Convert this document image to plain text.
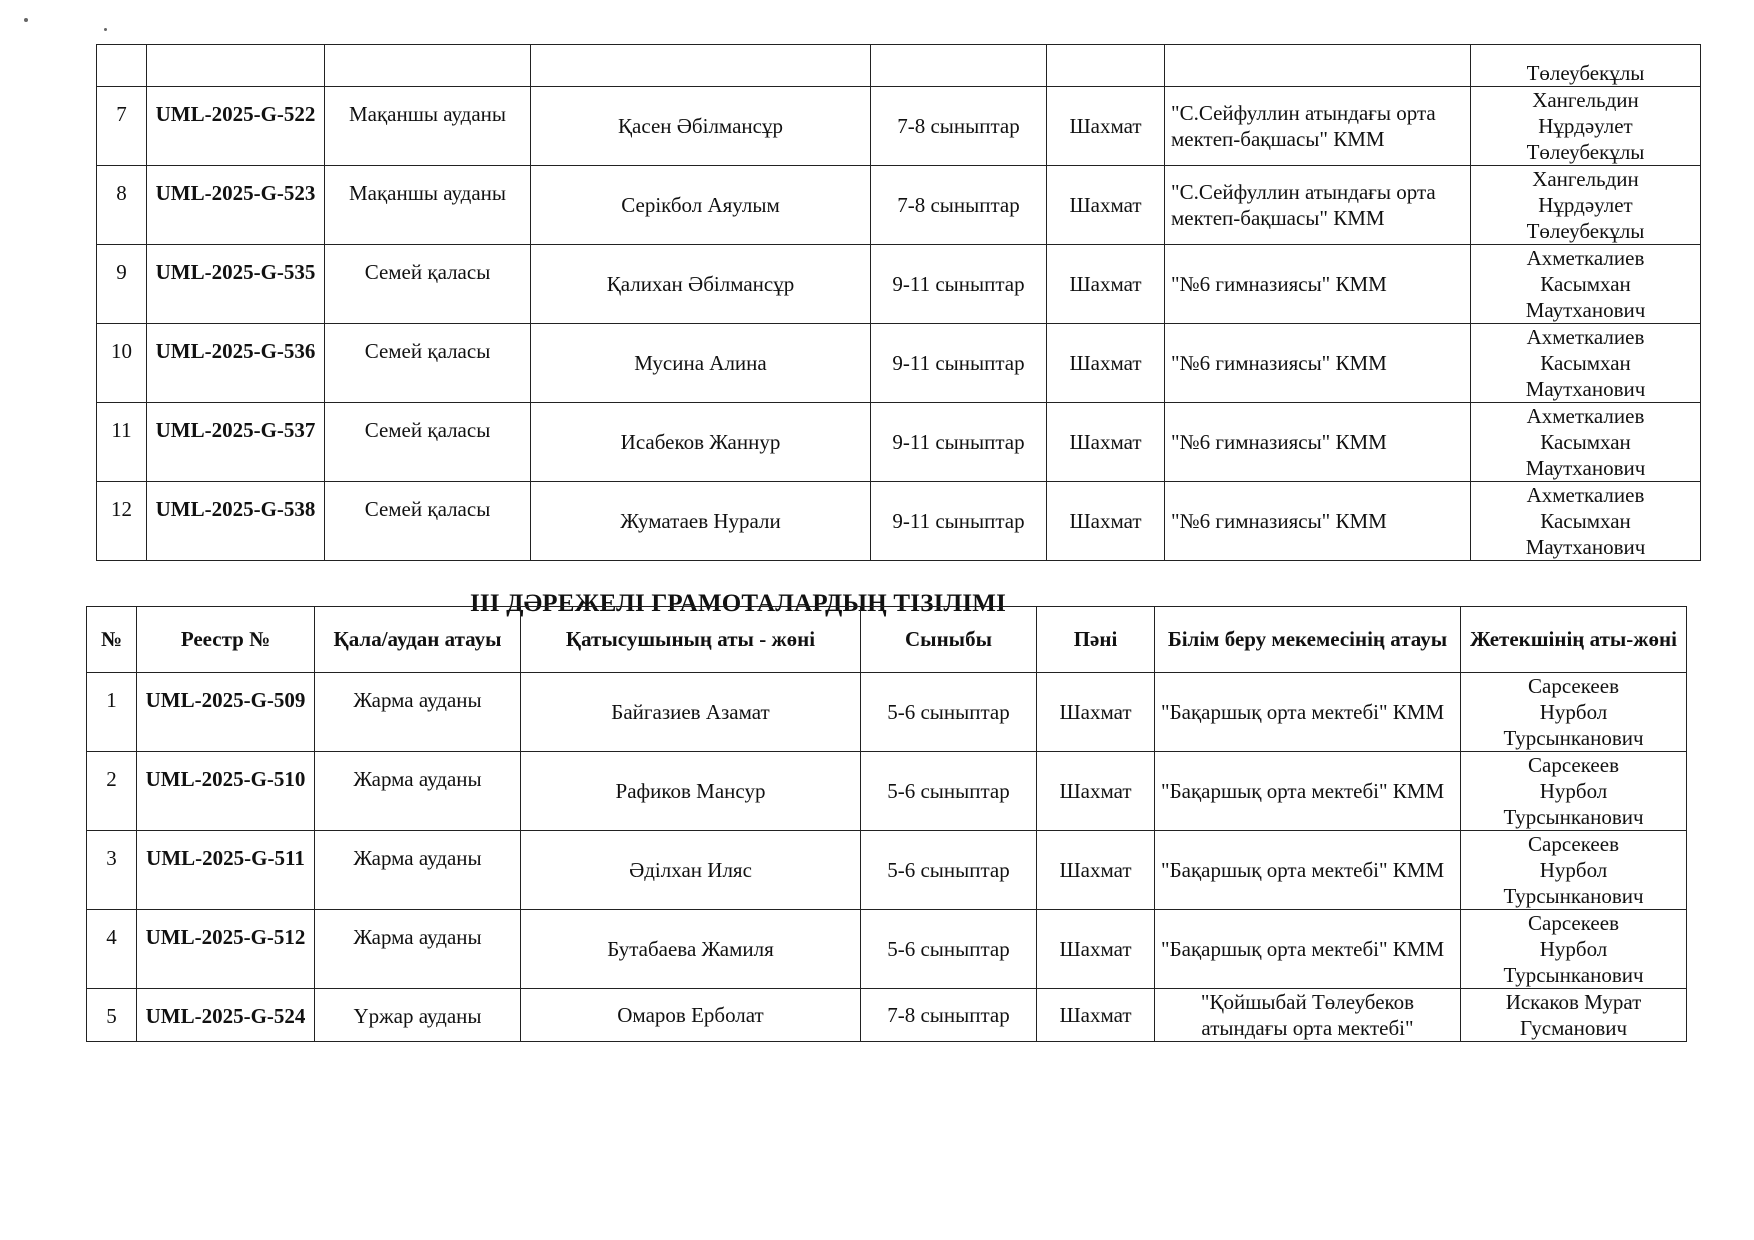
							Төлеубекұлы
7	UML-2025-G-522	Мақаншы ауданы	Қасен Әбілмансұр	7-8 сыныптар	Шахмат	"С.Сейфуллин атындағы орта мектеп-бақшасы" КММ	Хангельдин
Нұрдәулет
Төлеубекұлы

8	UML-2025-G-523	Мақаншы ауданы	Серікбол Аяулым	7-8 сыныптар	Шахмат	"С.Сейфуллин атындағы орта мектеп-бақшасы" КММ	Хангельдин
Нұрдәулет
Төлеубекұлы

9	UML-2025-G-535	Семей қаласы	Қалихан Әбілмансұр	9-11 сыныптар	Шахмат	"№6 гимназиясы" КММ	Ахметкалиев
Касымхан
Маутханович

10	UML-2025-G-536	Семей қаласы	Мусина Алина	9-11 сыныптар	Шахмат	"№6 гимназиясы" КММ	Ахметкалиев
Касымхан
Маутханович

11	UML-2025-G-537	Семей қаласы	Исабеков Жаннур	9-11 сыныптар	Шахмат	"№6 гимназиясы" КММ	Ахметкалиев
Касымхан
Маутханович

12	UML-2025-G-538	Семей қаласы	Жуматаев Нурали	9-11 сыныптар	Шахмат	"№6 гимназиясы" КММ	Ахметкалиев
Касымхан
Маутханович
ІІІ ДӘРЕЖЕЛІ ГРАМОТАЛАРДЫҢ ТІЗІЛІМІ
№	Реестр №	Қала/аудан атауы	Қатысушының аты - жөні	Сыныбы	Пәні	Білім беру мекемесінің атауы	Жетекшінің аты-жөні
1	UML-2025-G-509	Жарма ауданы	Байгазиев Азамат	5-6 сыныптар	Шахмат	"Бақаршық орта мектебі" КММ	Сарсекеев
Нурбол
Турсынканович

2	UML-2025-G-510	Жарма ауданы	Рафиков Мансур	5-6 сыныптар	Шахмат	"Бақаршық орта мектебі" КММ	Сарсекеев
Нурбол
Турсынканович

3	UML-2025-G-511	Жарма ауданы	Әділхан Иляс	5-6 сыныптар	Шахмат	"Бақаршық орта мектебі" КММ	Сарсекеев
Нурбол
Турсынканович

4	UML-2025-G-512	Жарма ауданы	Бутабаева Жамиля	5-6 сыныптар	Шахмат	"Бақаршық орта мектебі" КММ	Сарсекеев
Нурбол
Турсынканович

5	UML-2025-G-524	Үржар ауданы	Омаров Ерболат	7-8 сыныптар	Шахмат	"Қойшыбай Төлеубеков атындағы орта мектебі"	Искаков Мурат
Гусманович
